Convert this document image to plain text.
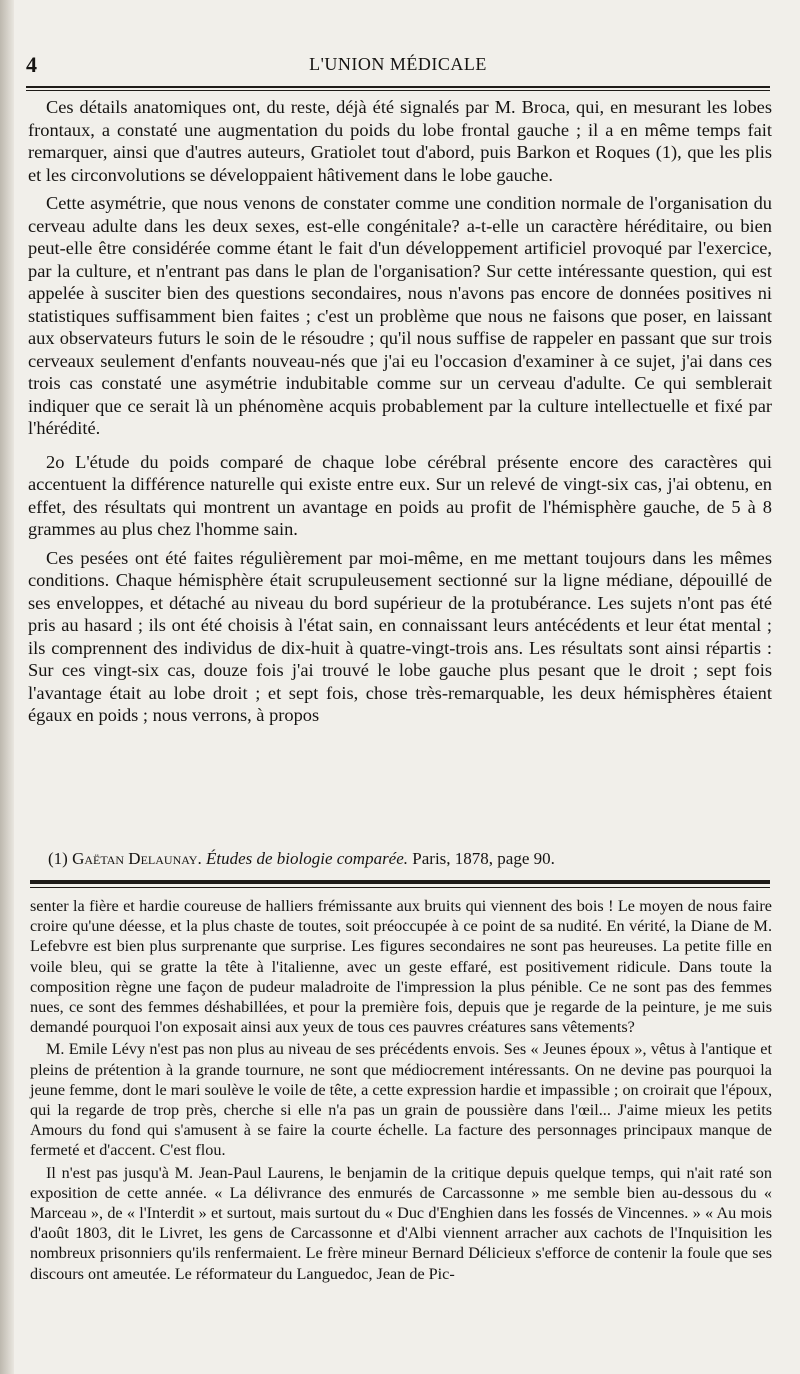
4	L'UNION MÉDICALE

Ces détails anatomiques ont, du reste, déjà été signalés par M. Broca, qui, en mesurant les lobes frontaux, a constaté une augmentation du poids du lobe frontal gauche ; il a en même temps fait remarquer, ainsi que d'autres auteurs, Gratiolet tout d'abord, puis Barkon et Roques (1), que les plis et les circonvolutions se développaient hâtivement dans le lobe gauche.

Cette asymétrie, que nous venons de constater comme une condition normale de l'organisation du cerveau adulte dans les deux sexes, est-elle congénitale? a-t-elle un caractère héréditaire, ou bien peut-elle être considérée comme étant le fait d'un développement artificiel provoqué par l'exercice, par la culture, et n'entrant pas dans le plan de l'organisation? Sur cette intéressante question, qui est appelée à susciter bien des questions secondaires, nous n'avons pas encore de données positives ni statistiques suffisamment bien faites ; c'est un problème que nous ne faisons que poser, en laissant aux observateurs futurs le soin de le résoudre ; qu'il nous suffise de rappeler en passant que sur trois cerveaux seulement d'enfants nouveau-nés que j'ai eu l'occasion d'examiner à ce sujet, j'ai dans ces trois cas constaté une asymétrie indubitable comme sur un cerveau d'adulte. Ce qui semblerait indiquer que ce serait là un phénomène acquis probablement par la culture intellectuelle et fixé par l'hérédité.

2o L'étude du poids comparé de chaque lobe cérébral présente encore des caractères qui accentuent la différence naturelle qui existe entre eux. Sur un relevé de vingt-six cas, j'ai obtenu, en effet, des résultats qui montrent un avantage en poids au profit de l'hémisphère gauche, de 5 à 8 grammes au plus chez l'homme sain.

Ces pesées ont été faites régulièrement par moi-même, en me mettant toujours dans les mêmes conditions. Chaque hémisphère était scrupuleusement sectionné sur la ligne médiane, dépouillé de ses enveloppes, et détaché au niveau du bord supérieur de la protubérance. Les sujets n'ont pas été pris au hasard ; ils ont été choisis à l'état sain, en connaissant leurs antécédents et leur état mental ; ils comprennent des individus de dix-huit à quatre-vingt-trois ans. Les résultats sont ainsi répartis : Sur ces vingt-six cas, douze fois j'ai trouvé le lobe gauche plus pesant que le droit ; sept fois l'avantage était au lobe droit ; et sept fois, chose très-remarquable, les deux hémisphères étaient égaux en poids ; nous verrons, à propos

(1) Gaëtan Delaunay. Études de biologie comparée. Paris, 1878, page 90.

senter la fière et hardie coureuse de halliers frémissante aux bruits qui viennent des bois ! Le moyen de nous faire croire qu'une déesse, et la plus chaste de toutes, soit préoccupée à ce point de sa nudité. En vérité, la Diane de M. Lefebvre est bien plus surprenante que surprise. Les figures secondaires ne sont pas heureuses. La petite fille en voile bleu, qui se gratte la tête à l'italienne, avec un geste effaré, est positivement ridicule. Dans toute la composition règne une façon de pudeur maladroite de l'impression la plus pénible. Ce ne sont pas des femmes nues, ce sont des femmes déshabillées, et pour la première fois, depuis que je regarde de la peinture, je me suis demandé pourquoi l'on exposait ainsi aux yeux de tous ces pauvres créatures sans vêtements?

M. Emile Lévy n'est pas non plus au niveau de ses précédents envois. Ses « Jeunes époux », vêtus à l'antique et pleins de prétention à la grande tournure, ne sont que médiocrement intéressants. On ne devine pas pourquoi la jeune femme, dont le mari soulève le voile de tête, a cette expression hardie et impassible ; on croirait que l'époux, qui la regarde de trop près, cherche si elle n'a pas un grain de poussière dans l'œil... J'aime mieux les petits Amours du fond qui s'amusent à se faire la courte échelle. La facture des personnages principaux manque de fermeté et d'accent. C'est flou.

Il n'est pas jusqu'à M. Jean-Paul Laurens, le benjamin de la critique depuis quelque temps, qui n'ait raté son exposition de cette année. « La délivrance des enmurés de Carcassonne » me semble bien au-dessous du « Marceau », de « l'Interdit » et surtout, mais surtout du « Duc d'Enghien dans les fossés de Vincennes. » « Au mois d'août 1803, dit le Livret, les gens de Carcassonne et d'Albi viennent arracher aux cachots de l'Inquisition les nombreux prisonniers qu'ils renfermaient. Le frère mineur Bernard Délicieux s'efforce de contenir la foule que ses discours ont ameutée. Le réformateur du Languedoc, Jean de Pic-
